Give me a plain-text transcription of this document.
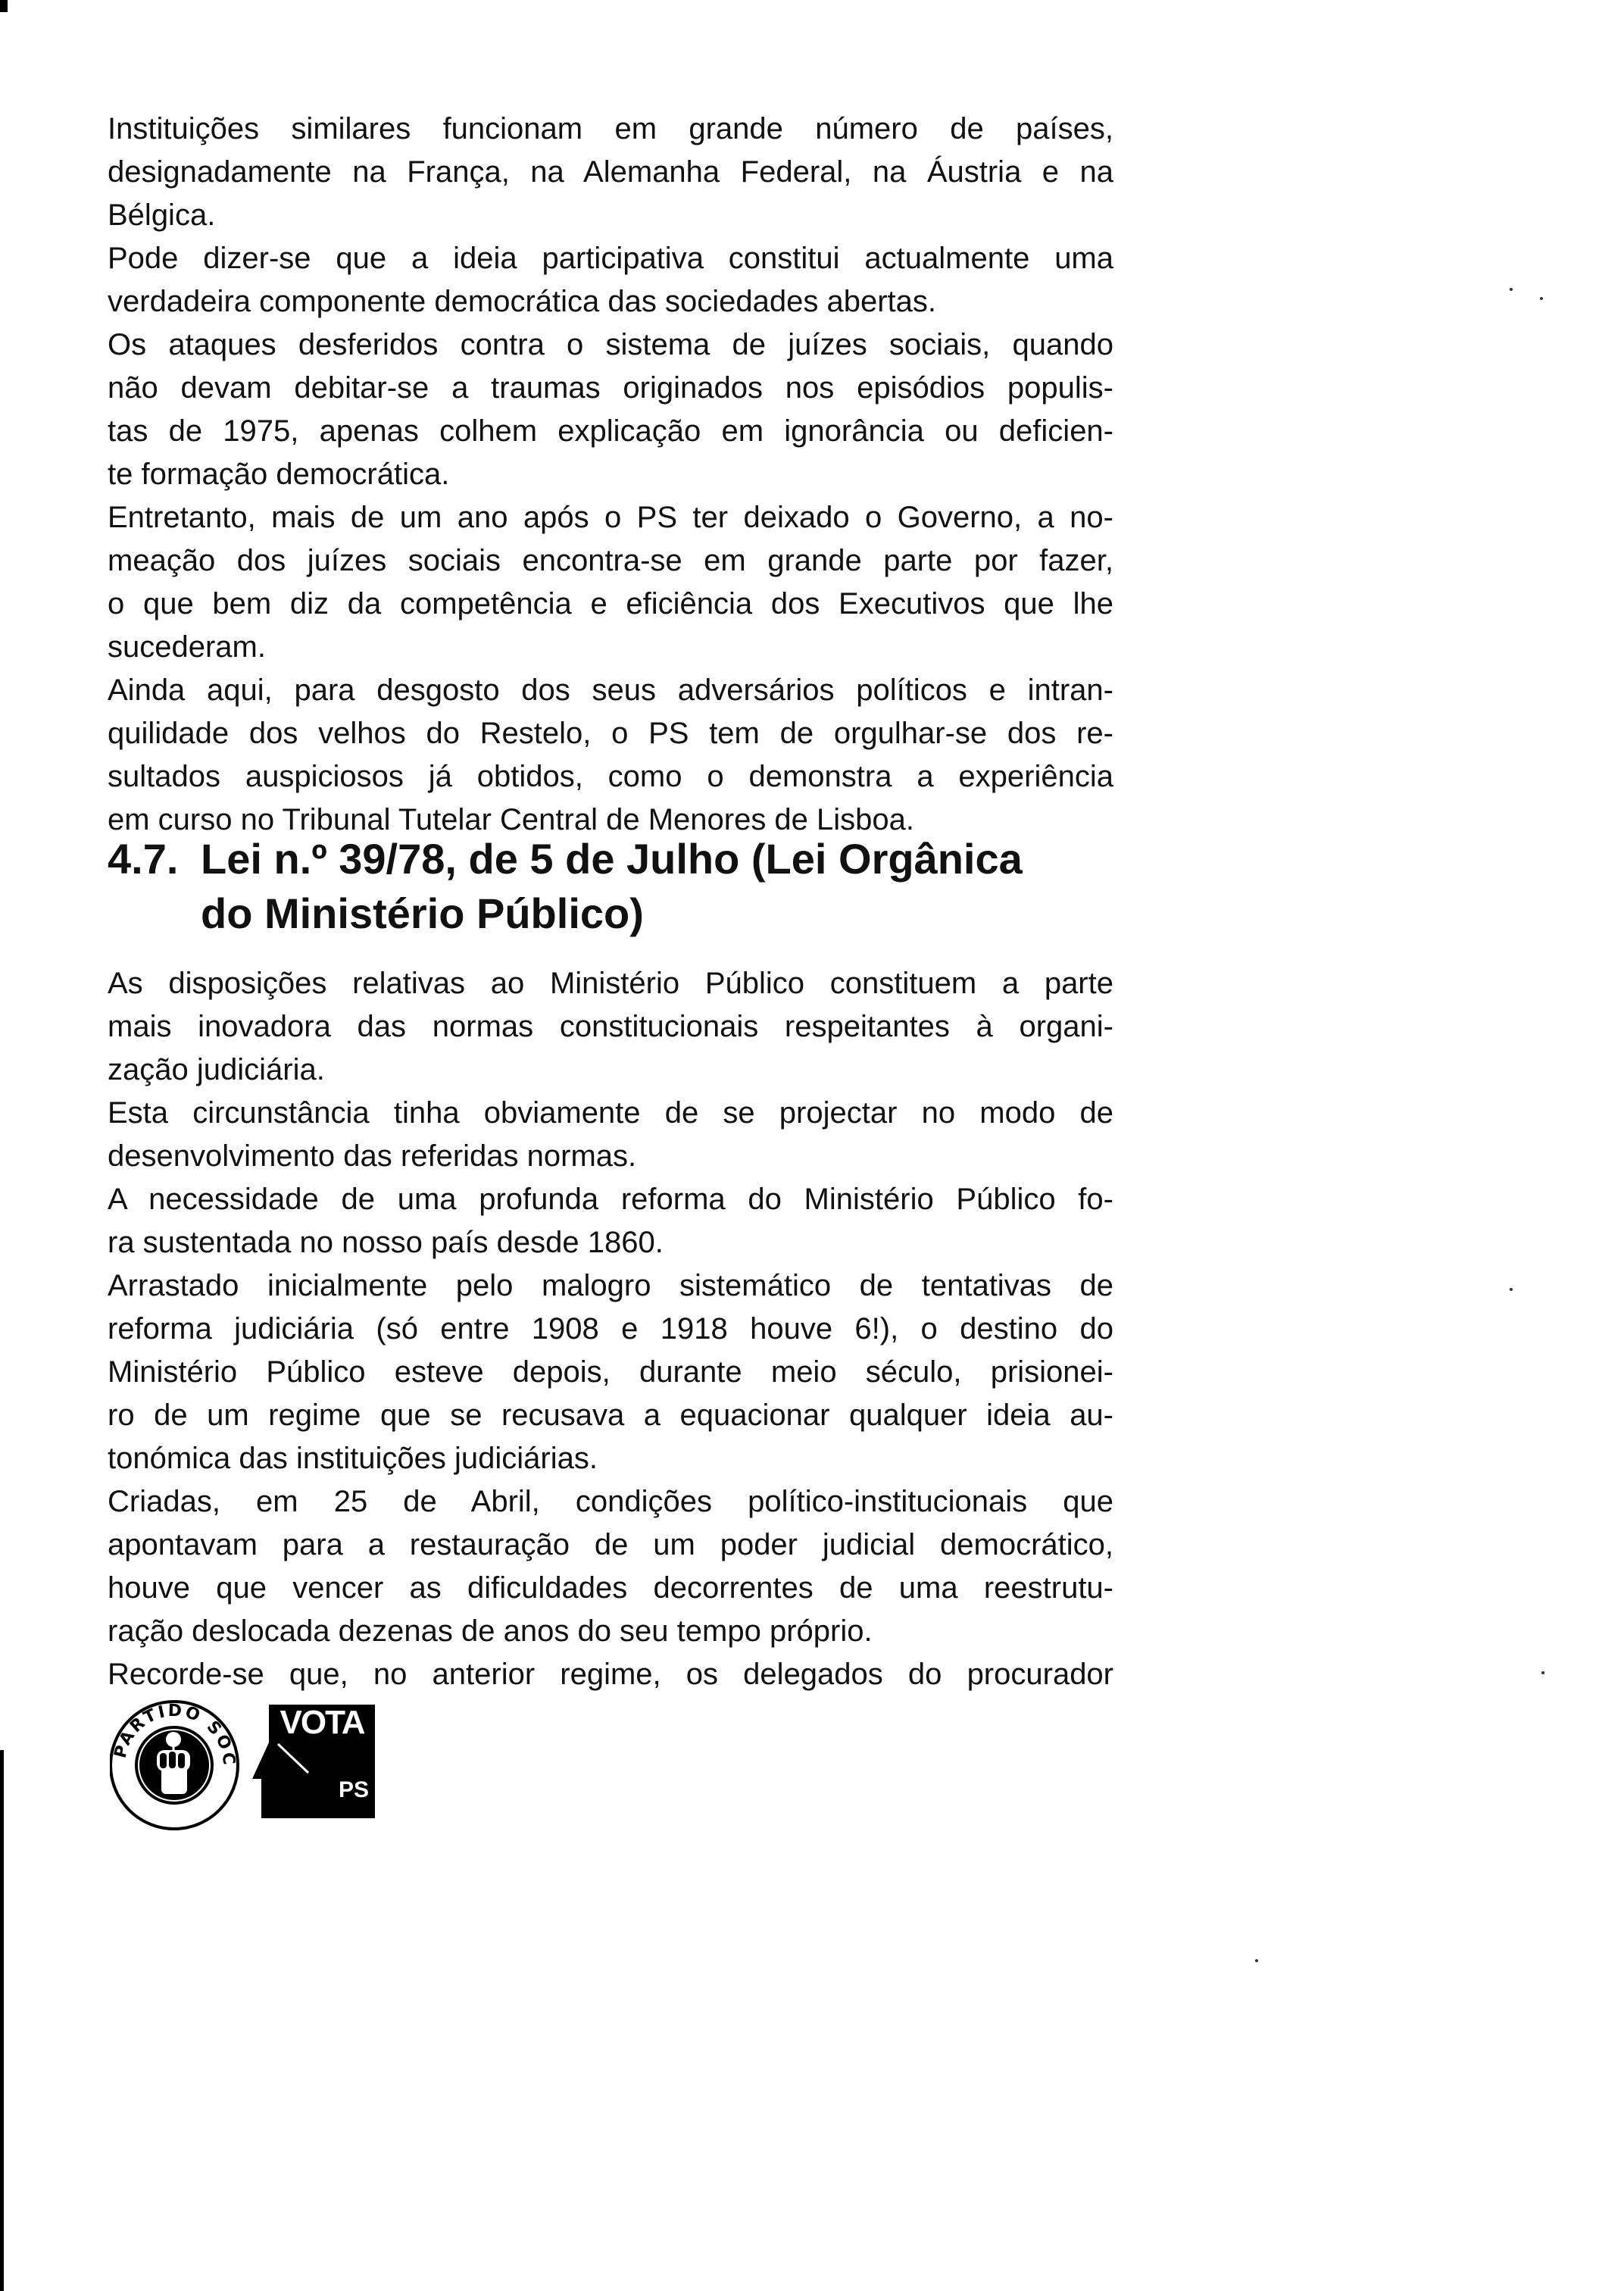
Instituições similares funcionam em grande número de países,
designadamente na França, na Alemanha Federal, na Áustria e na
Bélgica.
Pode dizer-se que a ideia participativa constitui actualmente uma
verdadeira componente democrática das sociedades abertas.
Os ataques desferidos contra o sistema de juízes sociais, quando
não devam debitar-se a traumas originados nos episódios populis-
tas de 1975, apenas colhem explicação em ignorância ou deficien-
te formação democrática.
Entretanto, mais de um ano após o PS ter deixado o Governo, a no-
meação dos juízes sociais encontra-se em grande parte por fazer,
o que bem diz da competência e eficiência dos Executivos que lhe
sucederam.
Ainda aqui, para desgosto dos seus adversários políticos e intran-
quilidade dos velhos do Restelo, o PS tem de orgulhar-se dos re-
sultados auspiciosos já obtidos, como o demonstra a experiência
em curso no Tribunal Tutelar Central de Menores de Lisboa.
4.7. Lei n.º 39/78, de 5 de Julho (Lei Orgânica
do Ministério Público)
As disposições relativas ao Ministério Público constituem a parte
mais inovadora das normas constitucionais respeitantes à organi-
zação judiciária.
Esta circunstância tinha obviamente de se projectar no modo de
desenvolvimento das referidas normas.
A necessidade de uma profunda reforma do Ministério Público fo-
ra sustentada no nosso país desde 1860.
Arrastado inicialmente pelo malogro sistemático de tentativas de
reforma judiciária (só entre 1908 e 1918 houve 6!), o destino do
Ministério Público esteve depois, durante meio século, prisionei-
ro de um regime que se recusava a equacionar qualquer ideia au-
tonómica das instituições judiciárias.
Criadas, em 25 de Abril, condições político-institucionais que
apontavam para a restauração de um poder judicial democrático,
houve que vencer as dificuldades decorrentes de uma reestrutu-
ração deslocada dezenas de anos do seu tempo próprio.
Recorde-se que, no anterior regime, os delegados do procurador
PARTIDO SOC
VOTA
PS
